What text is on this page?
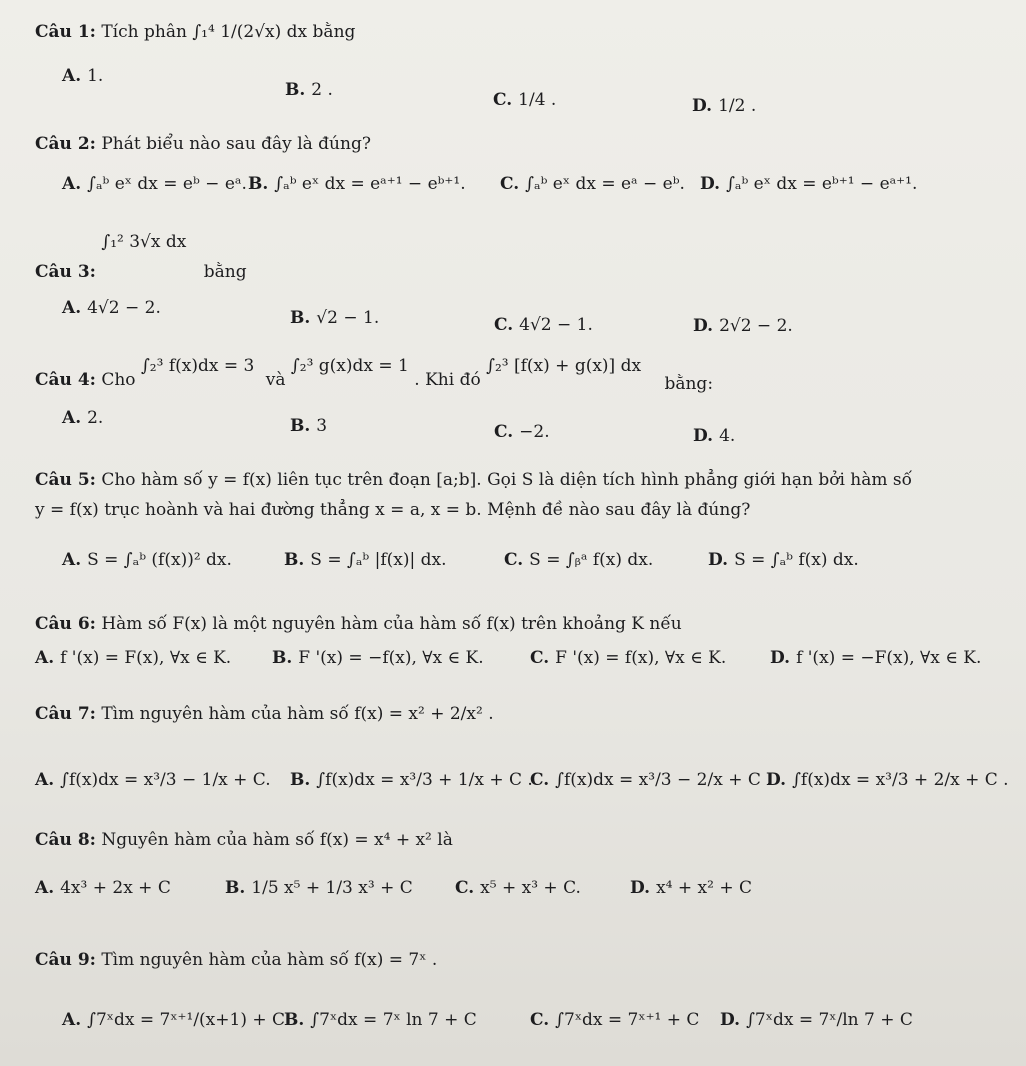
Câu 1: Tích phân ∫₁⁴ 1/(2√x) dx bằng
A. 1.
B. 2 .	C. 1/4 .	D. 1/2 .
Câu 2: Phát biểu nào sau đây là đúng?
A. ∫ₐᵇ eˣ dx = eᵇ − eᵃ. B. ∫ₐᵇ eˣ dx = eᵃ⁺¹ − eᵇ⁺¹. C. ∫ₐᵇ eˣ dx = eᵃ − eᵇ. D. ∫ₐᵇ eˣ dx = eᵇ⁺¹ − eᵃ⁺¹.
Câu 3: ∫₁² 3√x dx bằng
A. 4√2 − 2.	B. √2 − 1.	C. 4√2 − 1.	D. 2√2 − 2.
Câu 4: Cho ∫₂³ f(x)dx = 3 và ∫₂³ g(x)dx = 1 . Khi đó ∫₂³ [f(x) + g(x)] dx bằng:
A. 2.	B. 3	C. −2.	D. 4.
Câu 5: Cho hàm số y = f(x) liên tục trên đoạn [a;b]. Gọi S là diện tích hình phẳng giới hạn bởi hàm số
y = f(x) trục hoành và hai đường thẳng x = a, x = b. Mệnh đề nào sau đây là đúng?
A. S = ∫ₐᵇ (f(x))² dx.	B. S = ∫ₐᵇ |f(x)| dx.	C. S = ∫ᵦᵃ f(x) dx.	D. S = ∫ₐᵇ f(x) dx.
Câu 6: Hàm số F(x) là một nguyên hàm của hàm số f(x) trên khoảng K nếu
A. f '(x) = F(x), ∀x ∈ K. B. F '(x) = −f(x), ∀x ∈ K.	C. F '(x) = f(x), ∀x ∈ K.	D. f '(x) = −F(x), ∀x ∈ K.
Câu 7: Tìm nguyên hàm của hàm số f(x) = x² + 2/x² .
A. ∫f(x)dx = x³/3 − 1/x + C. B. ∫f(x)dx = x³/3 + 1/x + C .
C. ∫f(x)dx = x³/3 − 2/x + C .
D. ∫f(x)dx = x³/3 + 2/x + C .
Câu 8: Nguyên hàm của hàm số f(x) = x⁴ + x² là
A. 4x³ + 2x + C	B. 1/5 x⁵ + 1/3 x³ + C C. x⁵ + x³ + C.	D. x⁴ + x² + C
Câu 9: Tìm nguyên hàm của hàm số f(x) = 7ˣ .
A. ∫7ˣdx = 7ˣ⁺¹/(x+1) + C
B. ∫7ˣdx = 7ˣ ln 7 + C	C. ∫7ˣdx = 7ˣ⁺¹ + C D. ∫7ˣdx = 7ˣ/ln 7 + C
